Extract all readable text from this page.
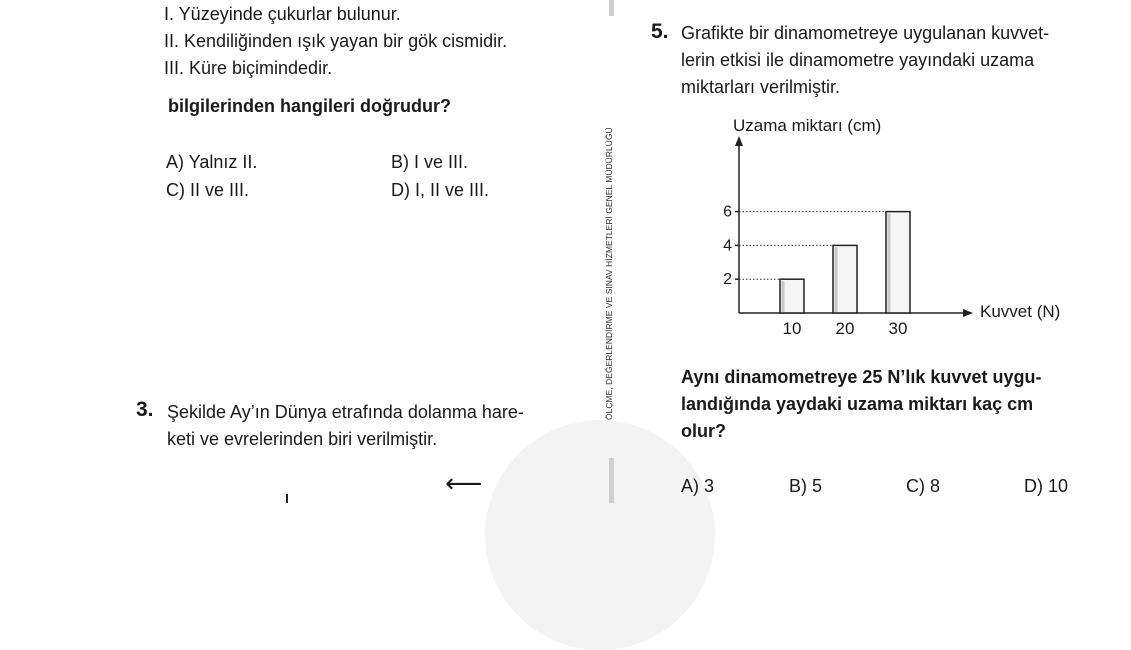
ÖLÇME, DEĞERLENDİRME VE SINAV HİZMETLERİ GENEL MÜDÜRLÜĞÜ
I. Yüzeyinde çukurlar bulunur.
II. Kendiliğinden ışık yayan bir gök cismidir.
III. Küre biçimindedir.
bilgilerinden hangileri doğrudur?
A) Yalnız II.	B) I ve III.
C) II ve III.	D) I, II ve III.
3. Şekilde Ay’ın Dünya etrafında dolanma hare-
keti ve evrelerinden biri verilmiştir.
⟵
5. Grafikte bir dinamometreye uygulanan kuvvet-
lerin etkisi ile dinamometre yayındaki uzama
miktarları verilmiştir.
Uzama miktarı (cm)
Kuvvet (N)
2
10
4
20
6
30
Aynı dinamometreye 25 N’lık kuvvet uygu-
landığında yaydaki uzama miktarı kaç cm
olur?
A) 3	B) 5	C) 8	D) 10
